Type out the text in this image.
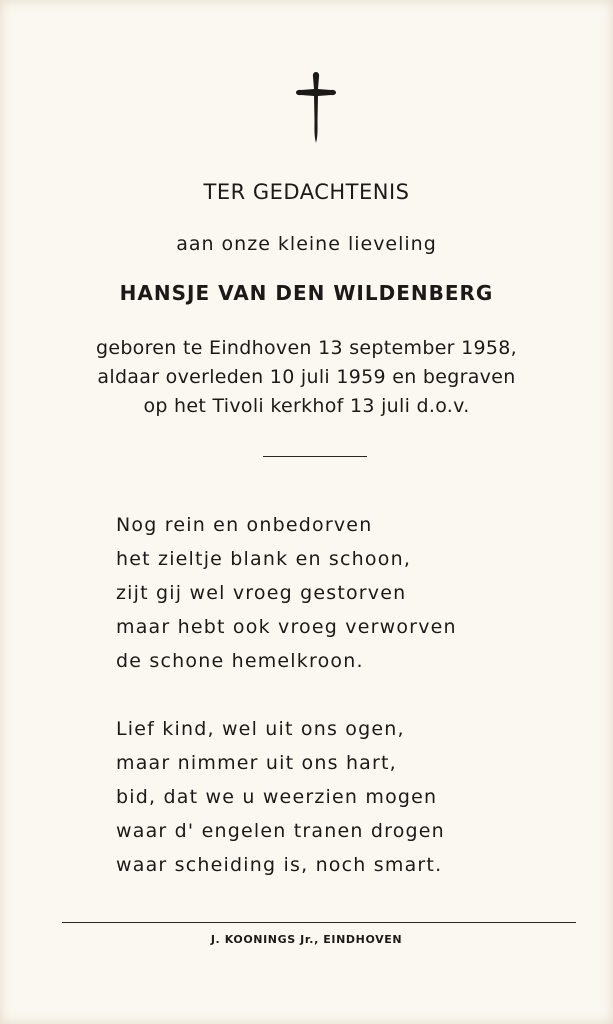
TER GEDACHTENIS
aan onze kleine lieveling
HANSJE VAN DEN WILDENBERG
geboren te Eindhoven 13 september 1958,
aldaar overleden 10 juli 1959 en begraven
op het Tivoli kerkhof 13 juli d.o.v.
Nog rein en onbedorven
het zieltje blank en schoon,
zijt gij wel vroeg gestorven
maar hebt ook vroeg verworven
de schone hemelkroon.
Lief kind, wel uit ons ogen,
maar nimmer uit ons hart,
bid, dat we u weerzien mogen
waar d' engelen tranen drogen
waar scheiding is, noch smart.
J. KOONINGS Jr., EINDHOVEN
